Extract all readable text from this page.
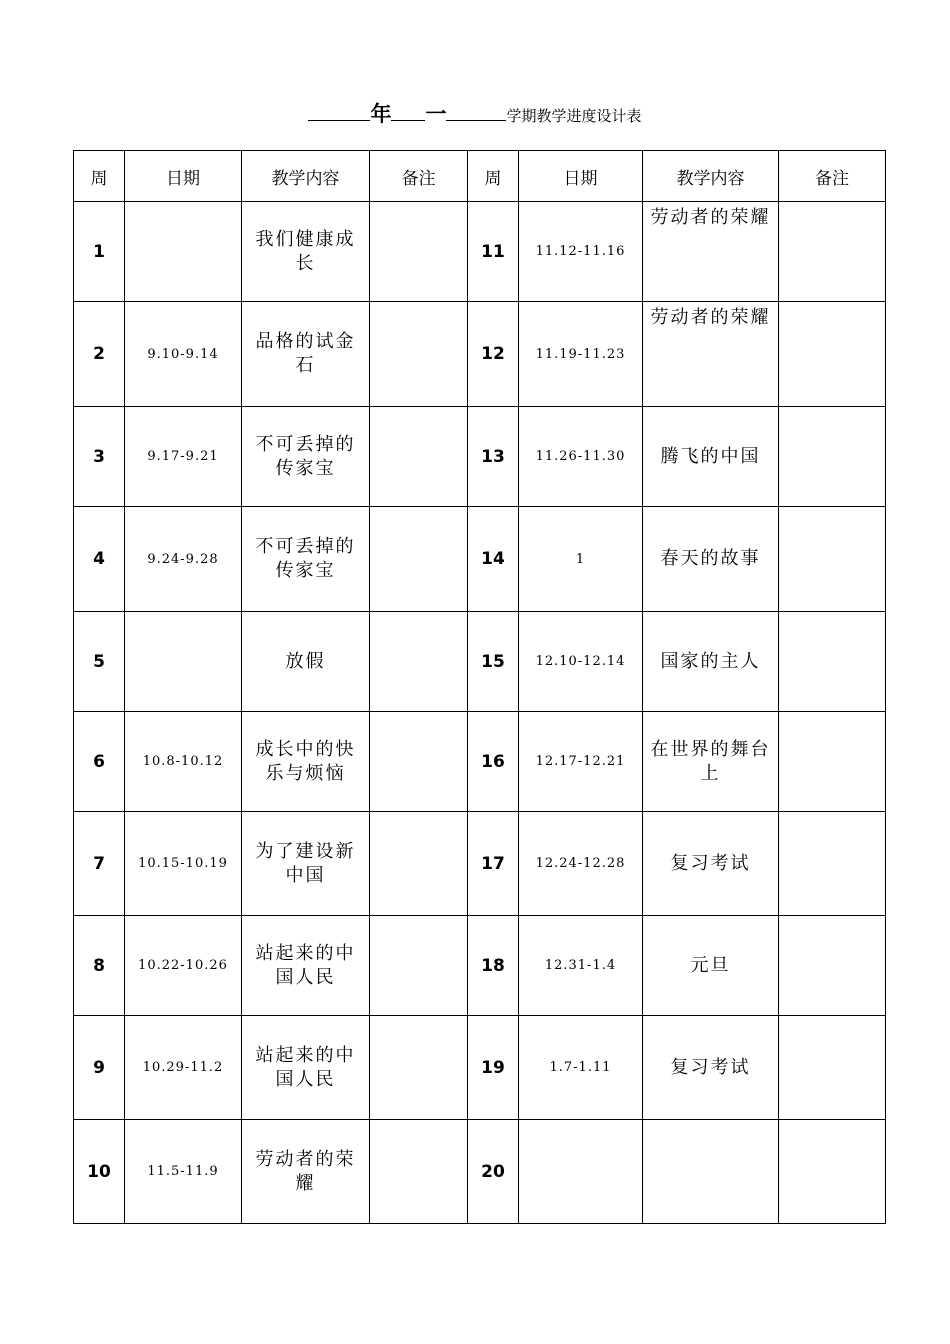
年 一	学期教学进度设计表
周	日期	教学内容	备注	周	日期	教学内容	备注
1		我们健康成长		11	11.12-11.16	劳动者的荣耀	
2	9.10-9.14	品格的试金石		12	11.19-11.23	劳动者的荣耀	
3	9.17-9.21	不可丢掉的传家宝		13	11.26-11.30	腾飞的中国	
4	9.24-9.28	不可丢掉的传家宝		14	1	春天的故事	
5		放假		15	12.10-12.14	国家的主人	
6	10.8-10.12	成长中的快乐与烦恼		16	12.17-12.21	在世界的舞台上	
7	10.15-10.19	为了建设新中国		17	12.24-12.28	复习考试	
8	10.22-10.26	站起来的中国人民		18	12.31-1.4	元旦	
9	10.29-11.2	站起来的中国人民		19	1.7-1.11	复习考试	
10	11.5-11.9	劳动者的荣耀		20			
